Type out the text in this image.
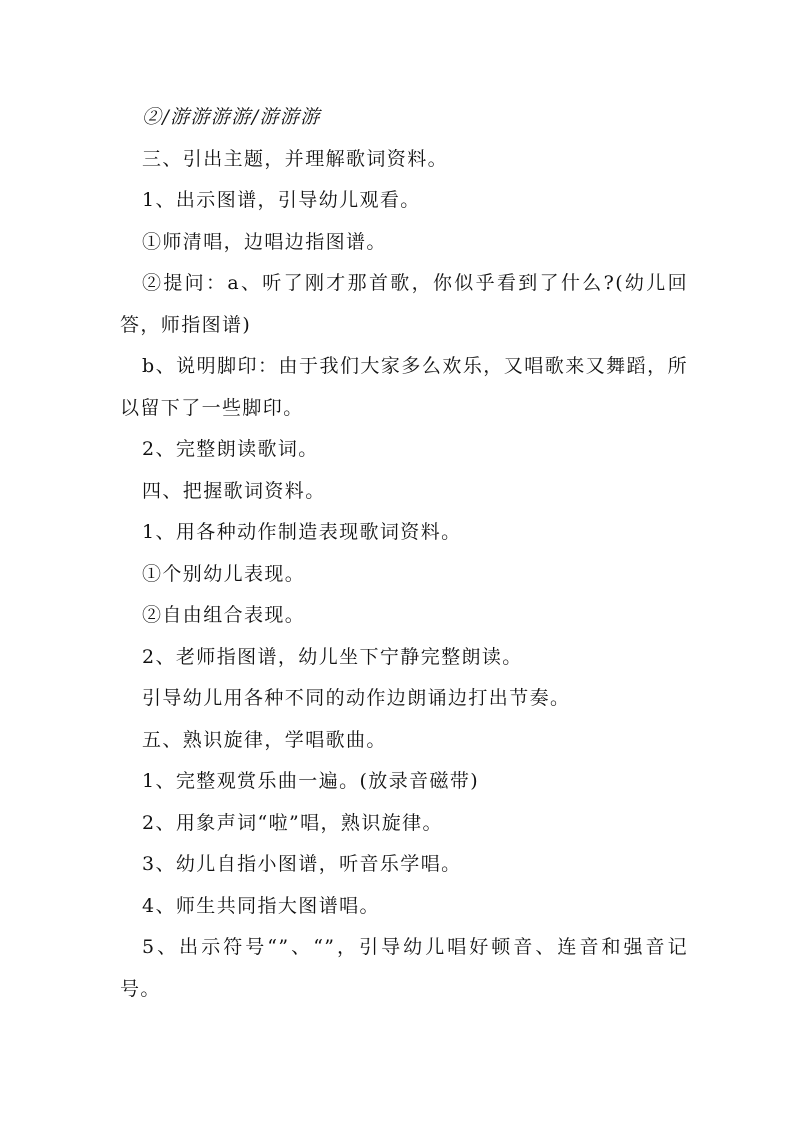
②/游游游游/游游游

三、引出主题，并理解歌词资料。

1、出示图谱，引导幼儿观看。

①师清唱，边唱边指图谱。

②提问：a、听了刚才那首歌，你似乎看到了什么?(幼儿回答，师指图谱)

b、说明脚印：由于我们大家多么欢乐，又唱歌来又舞蹈，所以留下了一些脚印。

2、完整朗读歌词。

四、把握歌词资料。

1、用各种动作制造表现歌词资料。

①个别幼儿表现。

②自由组合表现。

2、老师指图谱，幼儿坐下宁静完整朗读。

引导幼儿用各种不同的动作边朗诵边打出节奏。

五、熟识旋律，学唱歌曲。

1、完整观赏乐曲一遍。(放录音磁带)

2、用象声词“啦”唱，熟识旋律。

3、幼儿自指小图谱，听音乐学唱。

4、师生共同指大图谱唱。

5、出示符号“”、“”，引导幼儿唱好顿音、连音和强音记号。
